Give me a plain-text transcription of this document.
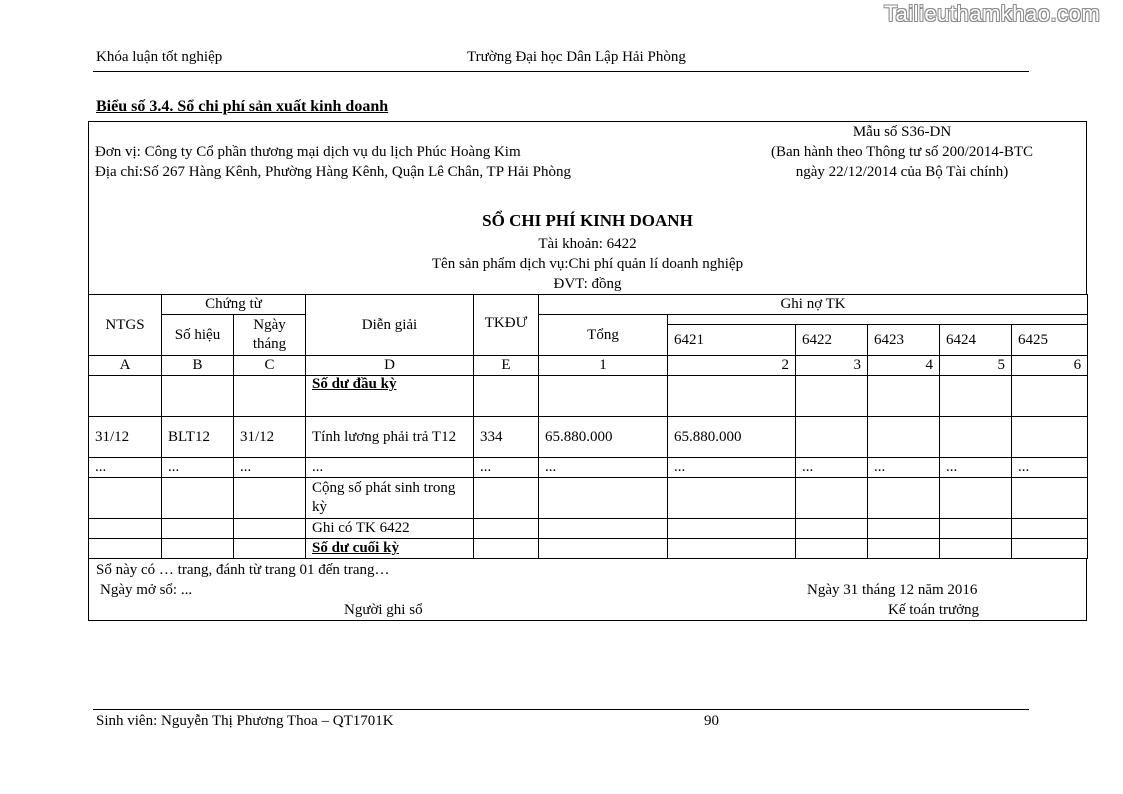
Tailieuthamkhao.com
Khóa luận tốt nghiệp	Trường Đại học Dân Lập Hải Phòng
Biểu số 3.4. Sổ chi phí sản xuất kinh doanh
Đơn vị: Công ty Cổ phần thương mại dịch vụ du lịch Phúc Hoàng Kim
Địa chỉ:Số 267 Hàng Kênh, Phường Hàng Kênh, Quận Lê Chân, TP Hải Phòng
Mẫu số S36-DN
(Ban hành theo Thông tư số 200/2014-BTC
ngày 22/12/2014 của Bộ Tài chính)
SỔ CHI PHÍ KINH DOANH
Tài khoản: 6422
Tên sản phẩm dịch vụ:Chi phí quản lí doanh nghiệp
ĐVT: đồng
NTGS	Chứng từ		Diễn giải	TKĐƯ	Ghi nợ TK					
	Số hiệu	Ngày tháng			Tổng					
						6421	6422	6423	6424	6425
A	B	C	D	E	1	2	3	4	5	6
			Số dư đầu kỳ							
31/12	BLT12	31/12	Tính lương phải trả T12	334	65.880.000	65.880.000				
...	...	...	...	...	...	...	...	...	...	...
			Cộng số phát sinh trong kỳ							
			Ghi có TK 6422							
			Số dư cuối kỳ							
Sổ này có … trang, đánh từ trang 01 đến trang…
Ngày mở sổ: ...	Ngày 31 tháng 12 năm 2016
Người ghi sổ	Kế toán trưởng
Sinh viên: Nguyễn Thị Phương Thoa – QT1701K	90
